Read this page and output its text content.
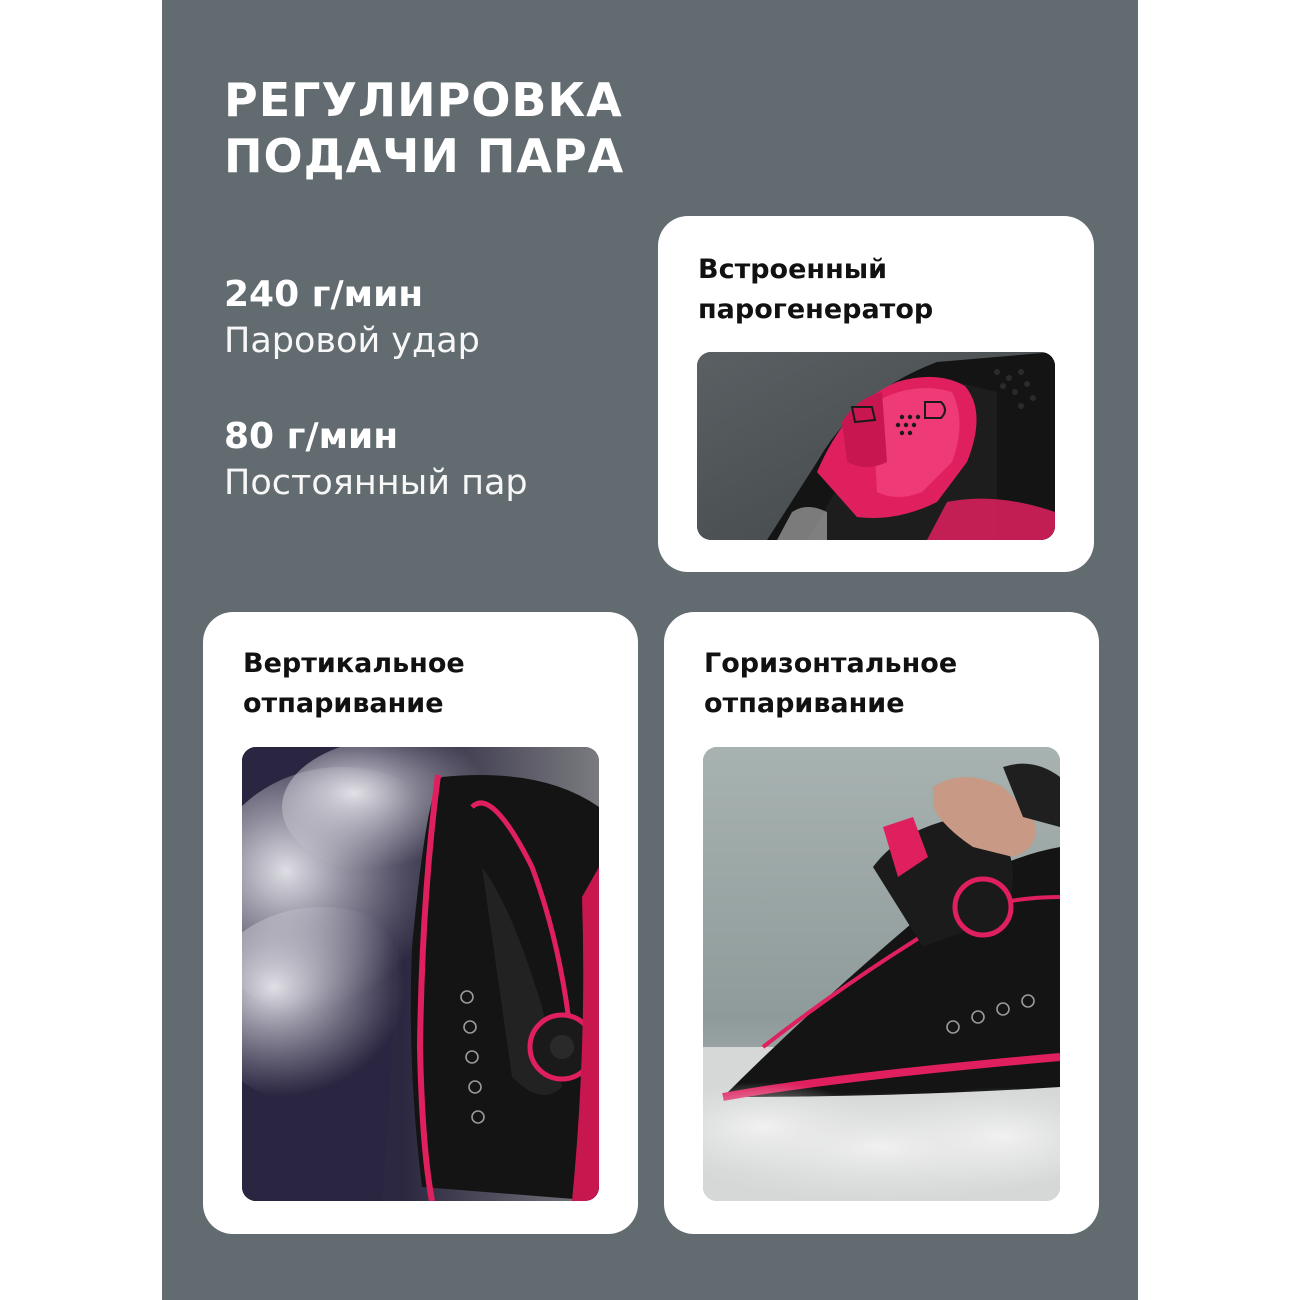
РЕГУЛИРОВКА
ПОДАЧИ ПАРА
240 г/мин
Паровой удар
80 г/мин
Постоянный пар
Встроенный
парогенератор
Вертикальное
отпаривание
Горизонтальное
отпаривание
